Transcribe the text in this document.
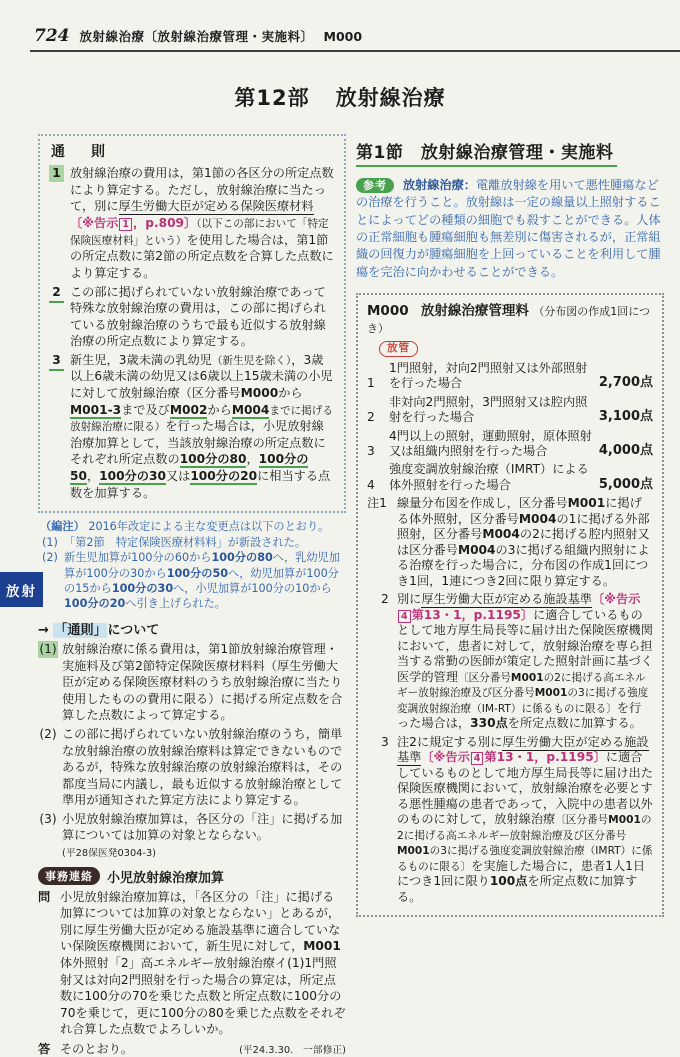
724 放射線治療〔放射線治療管理・実施料〕 M000
第12部 放射線治療
放射
通　則
1 放射線治療の費用は，第1節の各区分の所定点数により算定する。ただし，放射線治療に当たって，別に厚生労働大臣が定める保険医療材料〔※告示 1 ，p.809〕（以下この部において「特定保険医療材料」という）を使用した場合は，第1節の所定点数に第2節の所定点数を合算した点数により算定する。
2 この部に掲げられていない放射線治療であって特殊な放射線治療の費用は，この部に掲げられている放射線治療のうちで最も近似する放射線治療の所定点数により算定する。
3 新生児，3歳未満の乳幼児（新生児を除く），3歳以上6歳未満の幼児又は6歳以上15歳未満の小児に対して放射線治療（区分番号M000からM001-3まで及びM002からM004までに掲げる放射線治療に限る）を行った場合は，小児放射線治療加算として，当該放射線治療の所定点数にそれぞれ所定点数の100分の80，100分の50，100分の30又は100分の20に相当する点数を加算する。
（編注） 2016年改定による主な変更点は以下のとおり。
(1) 「第2節　特定保険医療材料料」が新設された。
(2) 新生児加算が100分の60から100分の80へ，乳幼児加算が100分の30から100分の50へ，幼児加算が100分の15から100分の30へ，小児加算が100分の10から100分の20へ引き上げられた。
→ 「通則」について
(1) 放射線治療に係る費用は，第1節放射線治療管理・実施料及び第2節特定保険医療材料料（厚生労働大臣が定める保険医療材料のうち放射線治療に当たり使用したものの費用に限る）に掲げる所定点数を合算した点数によって算定する。
(2) この部に掲げられていない放射線治療のうち，簡単な放射線治療の放射線治療料は算定できないものであるが，特殊な放射線治療の放射線治療料は，その都度当局に内議し，最も近似する放射線治療として準用が通知された算定方法により算定する。
(3) 小児放射線治療加算は，各区分の「注」に掲げる加算については加算の対象とならない。 (平28保医発0304-3)
事務連絡	小児放射線治療加算
問 小児放射線治療加算は，「各区分の「注」に掲げる加算については加算の対象とならない」とあるが，別に厚生労働大臣が定める施設基準に適合していない保険医療機関において，新生児に対して，M001体外照射「2」高エネルギー放射線治療イ(1)1門照射又は対向2門照射を行った場合の算定は，所定点数に100分の70を乗じた点数と所定点数に100分の70を乗じて，更に100分の80を乗じた点数をそれぞれ合算した点数でよろしいか。
答 そのとおり。	(平24.3.30.　一部修正)
第1節　放射線治療管理・実施料
参考 放射線治療：電離放射線を用いて悪性腫瘍などの治療を行うこと。放射線は一定の線量以上照射することによってどの種類の細胞でも殺すことができる。人体の正常細胞も腫瘍細胞も無差別に傷害されるが，正常組織の回復力が腫瘍細胞を上回っていることを利用して腫瘍を完治に向かわせることができる。
M000 放射線治療管理料 （分布図の作成1回につき）
放管
1
1門照射，対向2門照射又は外部照射を行った場合	2,700点
2
非対向2門照射，3門照射又は腔内照射を行った場合	3,100点
3
4門以上の照射，運動照射，原体照射又は組織内照射を行った場合	4,000点
4
強度変調放射線治療（IMRT）による体外照射を行った場合	5,000点
注1 線量分布図を作成し，区分番号M001に掲げる体外照射，区分番号M004の1に掲げる外部照射，区分番号M004の2に掲げる腔内照射又は区分番号M004の3に掲げる組織内照射による治療を行った場合に，分布図の作成1回につき1回，1連につき2回に限り算定する。
2 別に厚生労働大臣が定める施設基準〔※告示4 第13・1，p.1195〕に適合しているものとして地方厚生局長等に届け出た保険医療機関において，患者に対して，放射線治療を専ら担当する常勤の医師が策定した照射計画に基づく医学的管理〔区分番号M001の2に掲げる高エネルギー放射線治療及び区分番号M001の3に掲げる強度変調放射線治療（IM-RT）に係るものに限る〕を行った場合は，330点を所定点数に加算する。
3 注2に規定する別に厚生労働大臣が定める施設基準〔※告示 4 第13・1，p.1195〕に適合しているものとして地方厚生局長等に届け出た保険医療機関において，放射線治療を必要とする悪性腫瘍の患者であって，入院中の患者以外のものに対して，放射線治療〔区分番号M001の2に掲げる高エネルギー放射線治療及び区分番号M001の3に掲げる強度変調放射線治療（IMRT）に係るものに限る〕を実施した場合に，患者1人1日につき1回に限り100点を所定点数に加算する。
